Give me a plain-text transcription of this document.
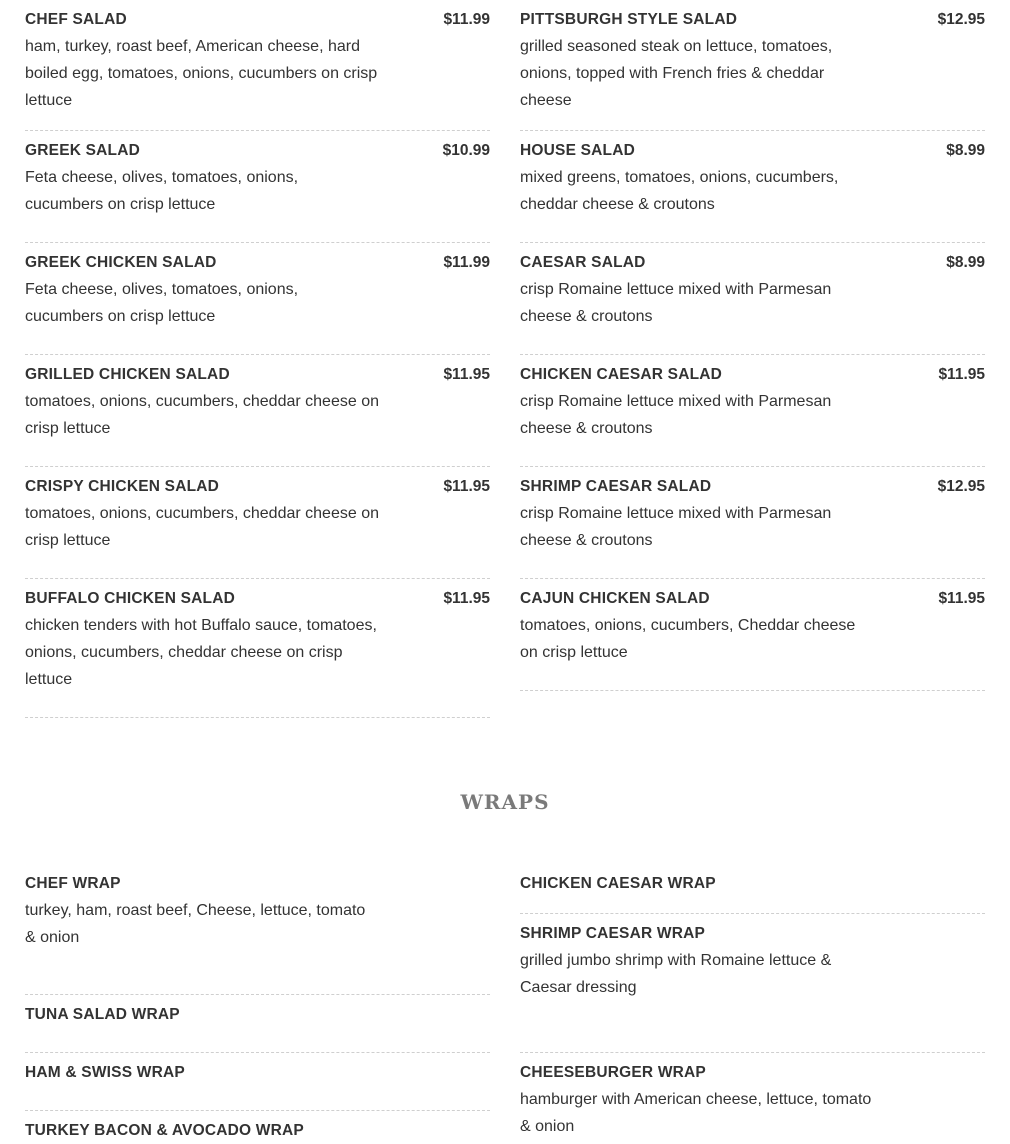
CHEF SALAD	$11.99
ham, turkey, roast beef, American cheese, hard boiled egg, tomatoes, onions, cucumbers on crisp lettuce
GREEK SALAD	$10.99
Feta cheese, olives, tomatoes, onions, cucumbers on crisp lettuce
GREEK CHICKEN SALAD	$11.99
Feta cheese, olives, tomatoes, onions, cucumbers on crisp lettuce
GRILLED CHICKEN SALAD	$11.95
tomatoes, onions, cucumbers, cheddar cheese on crisp lettuce
CRISPY CHICKEN SALAD	$11.95
tomatoes, onions, cucumbers, cheddar cheese on crisp lettuce
BUFFALO CHICKEN SALAD	$11.95
chicken tenders with hot Buffalo sauce, tomatoes, onions, cucumbers, cheddar cheese on crisp lettuce
PITTSBURGH STYLE SALAD	$12.95
grilled seasoned steak on lettuce, tomatoes, onions, topped with French fries & cheddar cheese
HOUSE SALAD	$8.99
mixed greens, tomatoes, onions, cucumbers, cheddar cheese & croutons
CAESAR SALAD	$8.99
crisp Romaine lettuce mixed with Parmesan cheese & croutons
CHICKEN CAESAR SALAD	$11.95
crisp Romaine lettuce mixed with Parmesan cheese & croutons
SHRIMP CAESAR SALAD	$12.95
crisp Romaine lettuce mixed with Parmesan cheese & croutons
CAJUN CHICKEN SALAD	$11.95
tomatoes, onions, cucumbers, Cheddar cheese on crisp lettuce
WRAPS
CHEF WRAP
turkey, ham, roast beef, Cheese, lettuce, tomato & onion
TUNA SALAD WRAP
HAM & SWISS WRAP
TURKEY BACON & AVOCADO WRAP
CHICKEN CAESAR WRAP
SHRIMP CAESAR WRAP
grilled jumbo shrimp with Romaine lettuce & Caesar dressing
CHEESEBURGER WRAP
hamburger with American cheese, lettuce, tomato & onion
